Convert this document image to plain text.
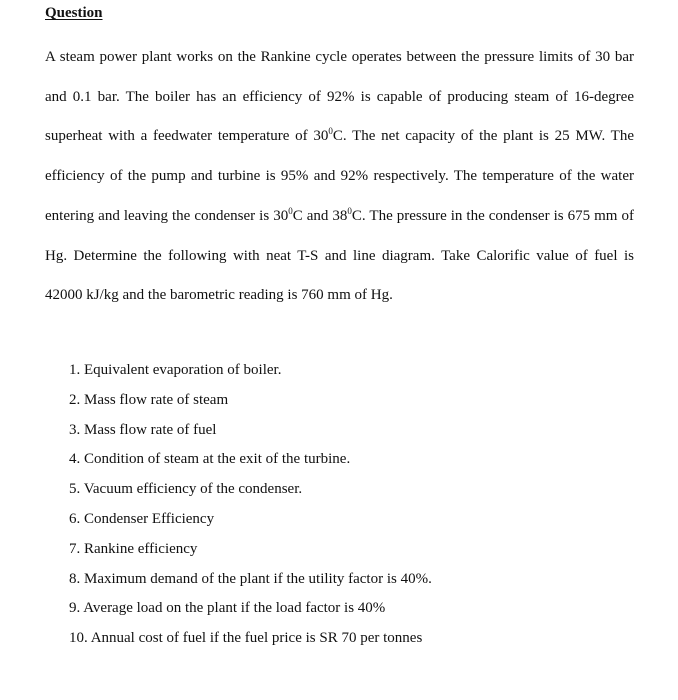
Question

A steam power plant works on the Rankine cycle operates between the pressure limits of 30 bar and 0.1 bar. The boiler has an efficiency of 92% is capable of producing steam of 16-degree superheat with a feedwater temperature of $30^0C$. The net capacity of the plant is 25 MW. The efficiency of the pump and turbine is 95% and 92% respectively. The temperature of the water entering and leaving the condenser is $30^0C$ and $38^0C$. The pressure in the condenser is 675 mm of Hg. Determine the following with neat T-S and line diagram. Take Calorific value of fuel is 42000 kJ/kg and the barometric reading is 760 mm of Hg.

1 . Equivalent evaporation of boiler.
2 . Mass flow rate of steam
3 . Mass flow rate of fuel
4 . Condition of steam at the exit of the turbine.
5 . Vacuum efficiency of the condenser.
6 . Condenser Efficiency
7 . Rankine efficiency
8 . Maximum demand of the plant if the utility factor is 40%.
9 . Average load on the plant if the load factor is 40%
10 . Annual cost of fuel if the fuel price is SR 70 per tonnes
